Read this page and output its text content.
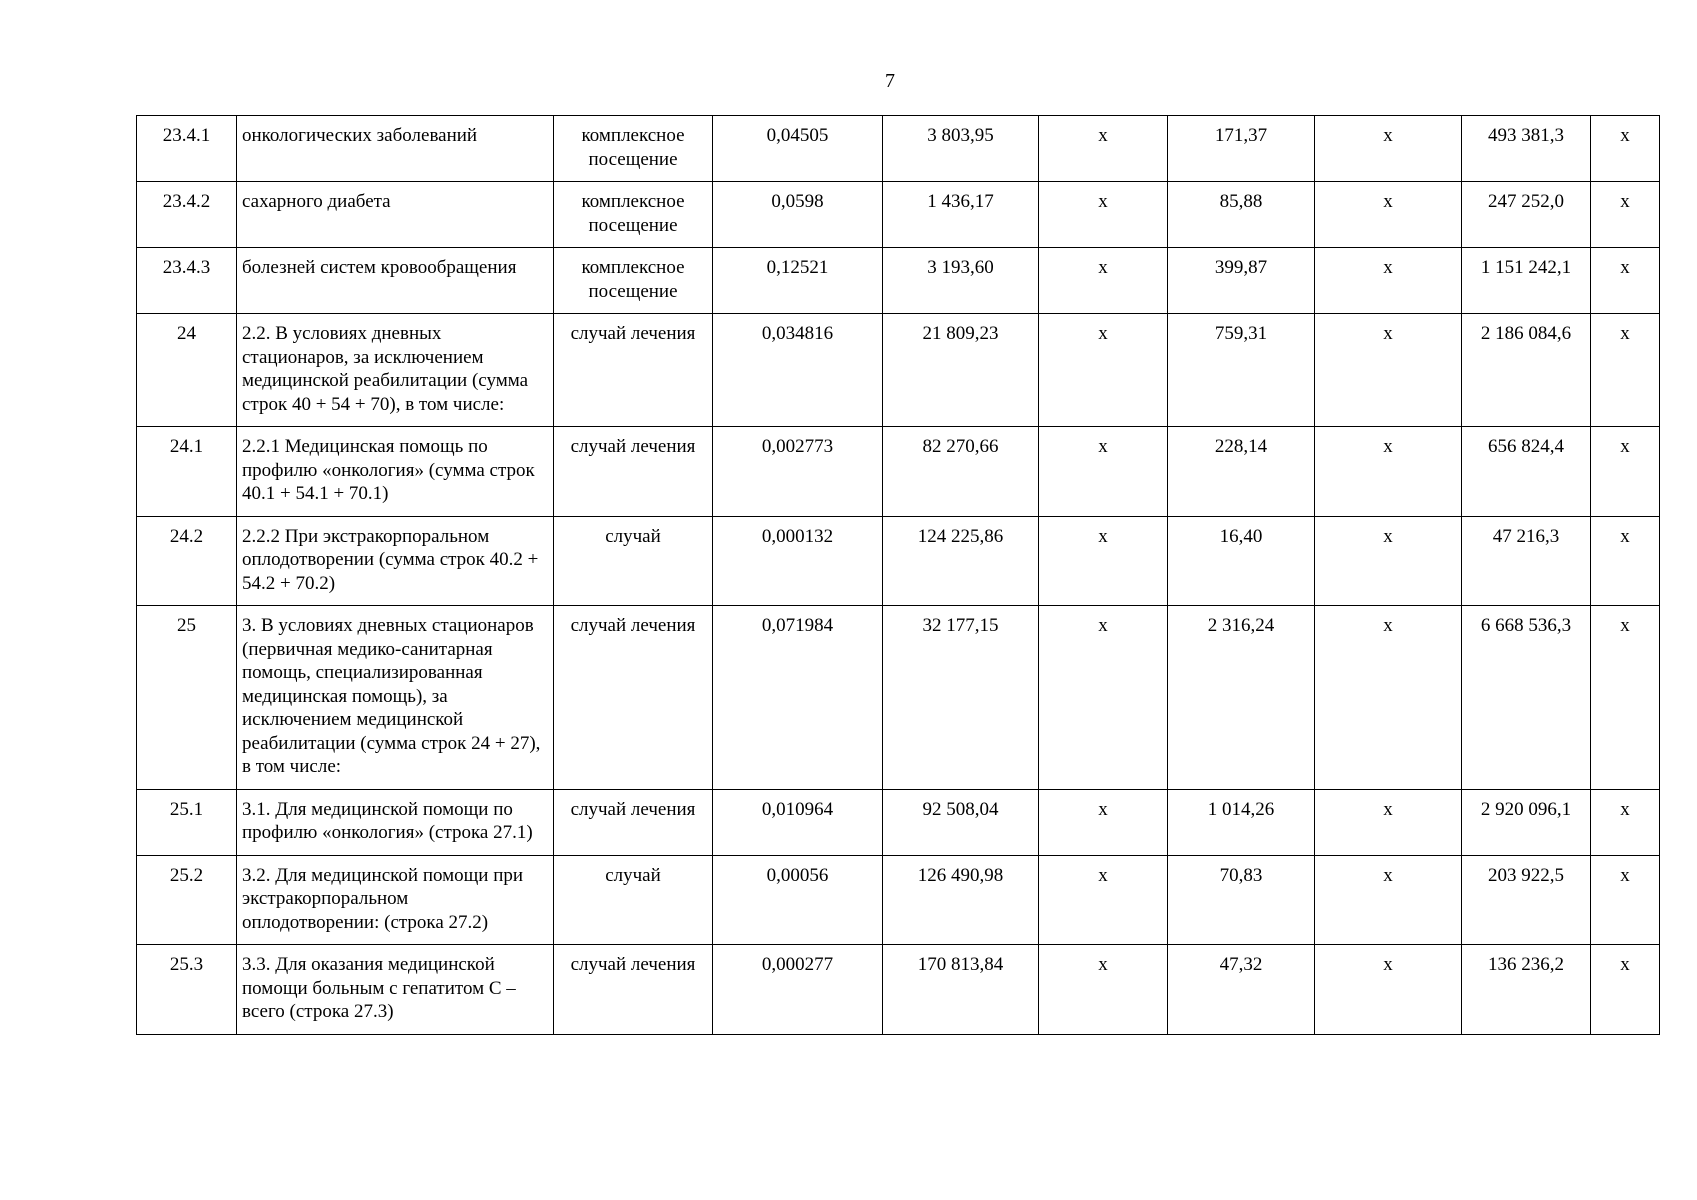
7
23.4.1	онкологических заболеваний	комплексное посещение	0,04505	3 803,95	х	171,37	х	493 381,3	х
23.4.2	сахарного диабета	комплексное посещение	0,0598	1 436,17	х	85,88	х	247 252,0	х
23.4.3	болезней систем кровообращения	комплексное посещение	0,12521	3 193,60	х	399,87	х	1 151 242,1	х
24	2.2. В условиях дневных стационаров, за исключением медицинской реабилитации (сумма строк 40 + 54 + 70), в том числе:	случай лечения	0,034816	21 809,23	х	759,31	х	2 186 084,6	х
24.1	2.2.1 Медицинская помощь по профилю «онкология» (сумма строк 40.1 + 54.1 + 70.1)	случай лечения	0,002773	82 270,66	х	228,14	х	656 824,4	х
24.2	2.2.2 При экстракорпоральном оплодотворении (сумма строк 40.2 + 54.2 + 70.2)	случай	0,000132	124 225,86	х	16,40	х	47 216,3	х
25	3. В условиях дневных стационаров (первичная медико-санитарная помощь, специализированная медицинская помощь), за исключением медицинской реабилитации (сумма строк 24 + 27), в том числе:	случай лечения	0,071984	32 177,15	х	2 316,24	х	6 668 536,3	х
25.1	3.1. Для медицинской помощи по профилю «онкология» (строка 27.1)	случай лечения	0,010964	92 508,04	х	1 014,26	х	2 920 096,1	х
25.2	3.2. Для медицинской помощи при экстракорпоральном оплодотворении: (строка 27.2)	случай	0,00056	126 490,98	х	70,83	х	203 922,5	х
25.3	3.3. Для оказания медицинской помощи больным с гепатитом С – всего (строка 27.3)	случай лечения	0,000277	170 813,84	х	47,32	х	136 236,2	х
